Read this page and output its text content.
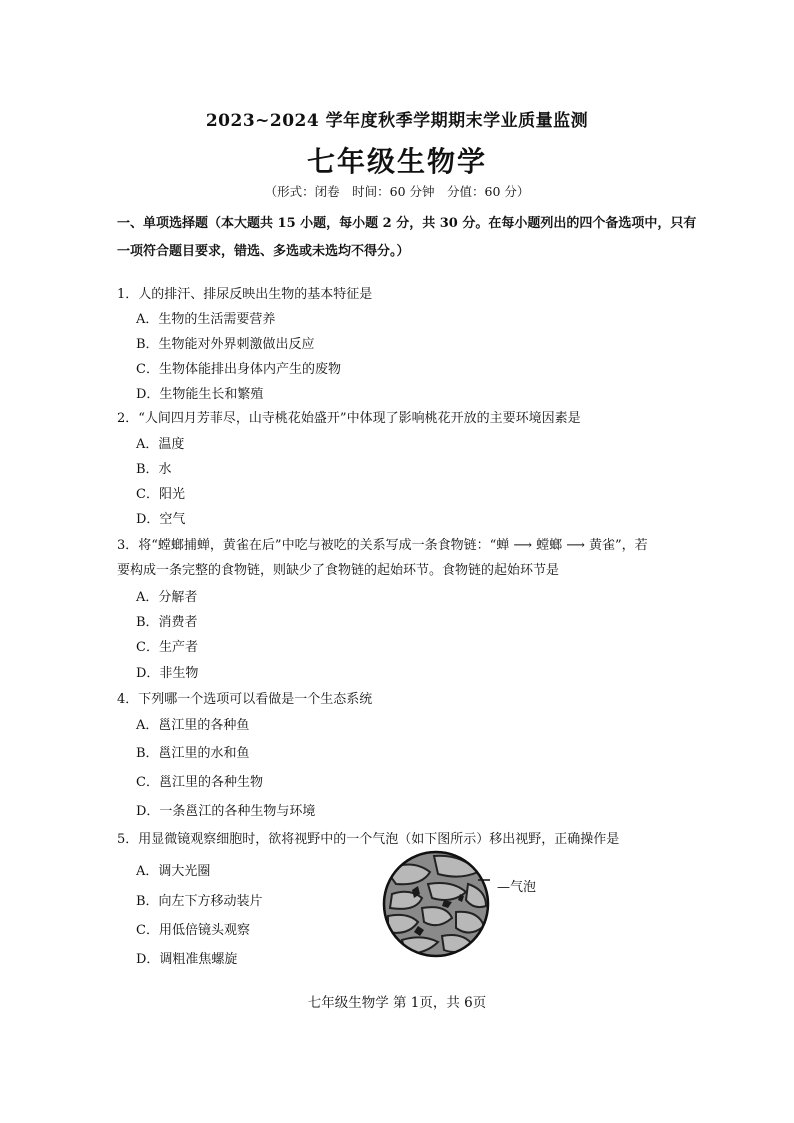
2023~2024 学年度秋季学期期末学业质量监测
七年级生物学
（形式：闭卷　时间：60 分钟　分值：60 分）
一、单项选择题（本大题共 15 小题，每小题 2 分，共 30 分。在每小题列出的四个备选项中，只有
一项符合题目要求，错选、多选或未选均不得分。）
1．人的排汗、排尿反映出生物的基本特征是
A．生物的生活需要营养
B．生物能对外界刺激做出反应
C．生物体能排出身体内产生的废物
D．生物能生长和繁殖
2．“人间四月芳菲尽，山寺桃花始盛开”中体现了影响桃花开放的主要环境因素是
A．温度
B．水
C．阳光
D．空气
3．将“螳螂捕蝉，黄雀在后”中吃与被吃的关系写成一条食物链：“蝉 ⟶ 螳螂 ⟶ 黄雀”，若
要构成一条完整的食物链，则缺少了食物链的起始环节。食物链的起始环节是
A．分解者
B．消费者
C．生产者
D．非生物
4．下列哪一个选项可以看做是一个生态系统
A．邕江里的各种鱼
B．邕江里的水和鱼
C．邕江里的各种生物
D．一条邕江的各种生物与环境
5．用显微镜观察细胞时，欲将视野中的一个气泡（如下图所示）移出视野，正确操作是
A．调大光圈
B．向左下方移动装片
C．用低倍镜头观察
D．调粗准焦螺旋
—气泡
七年级生物学 第 1页，共 6页
